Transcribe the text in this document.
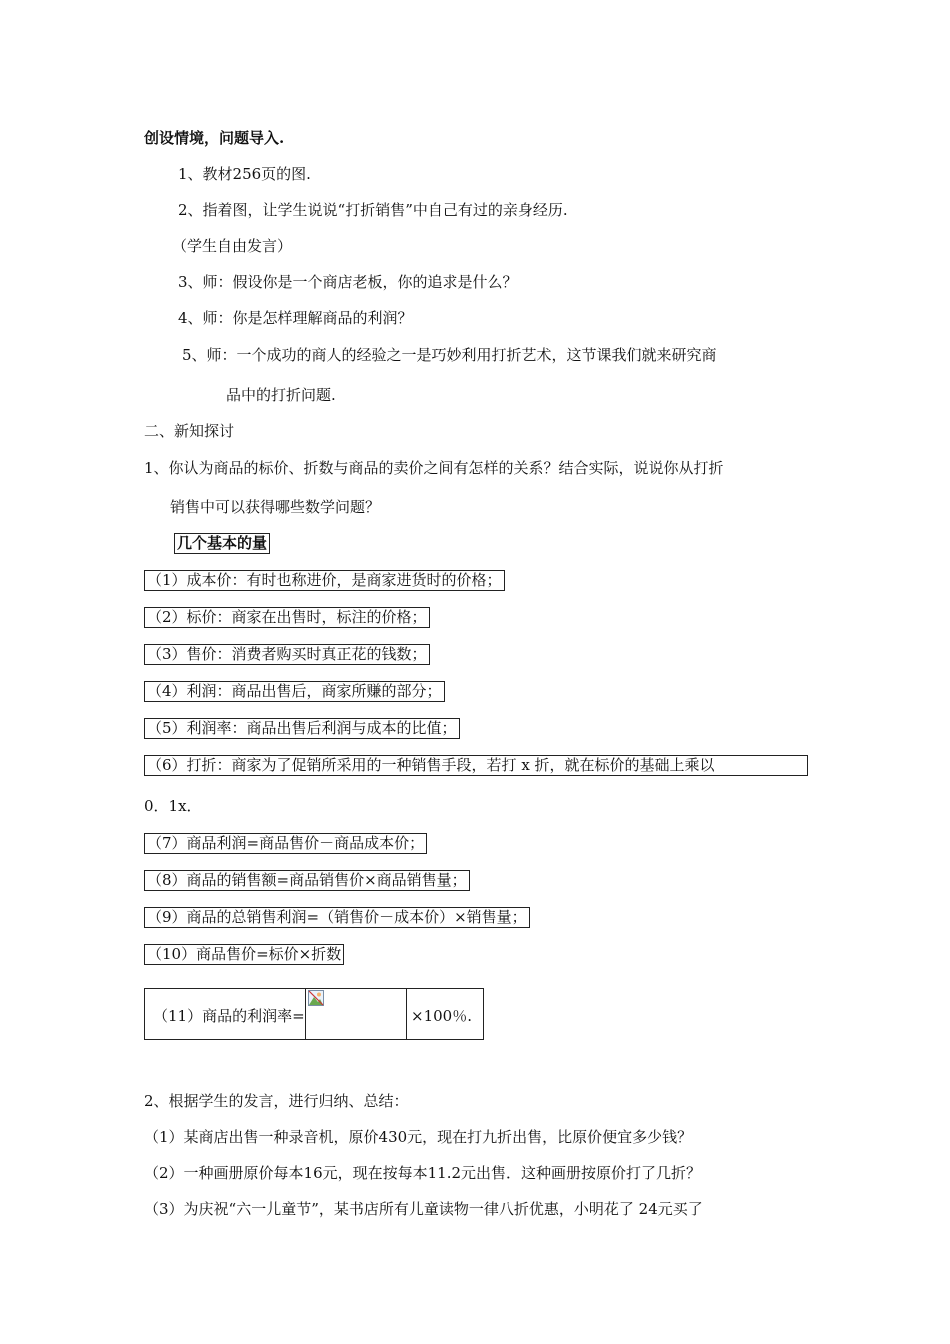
创设情境，问题导入.
1、教材256页的图.
2、指着图，让学生说说“打折销售”中自己有过的亲身经历.
（学生自由发言）
3、师：假设你是一个商店老板，你的追求是什么？
4、师：你是怎样理解商品的利润？
5、师：一个成功的商人的经验之一是巧妙利用打折艺术，这节课我们就来研究商
品中的打折问题.
二、新知探讨
1、你认为商品的标价、折数与商品的卖价之间有怎样的关系？结合实际，说说你从打折
销售中可以获得哪些数学问题？
几个基本的量
（1）成本价：有时也称进价，是商家进货时的价格；
（2）标价：商家在出售时，标注的价格；
（3）售价：消费者购买时真正花的钱数；
（4）利润：商品出售后，商家所赚的部分；
（5）利润率：商品出售后利润与成本的比值；
（6）打折：商家为了促销所采用的一种销售手段，若打 x 折，就在标价的基础上乘以
0．1x．
（7）商品利润=商品售价－商品成本价；
（8）商品的销售额=商品销售价×商品销售量；
（9）商品的总销售利润=（销售价－成本价）×销售量；
（10）商品售价=标价×折数
（11）商品的利润率=	×100％.
2、根据学生的发言，进行归纳、总结：
（1）某商店出售一种录音机，原价430元，现在打九折出售，比原价便宜多少钱？
（2）一种画册原价每本16元，现在按每本11.2元出售．这种画册按原价打了几折？
（3）为庆祝“六一儿童节”，某书店所有儿童读物一律八折优惠，小明花了 24元买了
